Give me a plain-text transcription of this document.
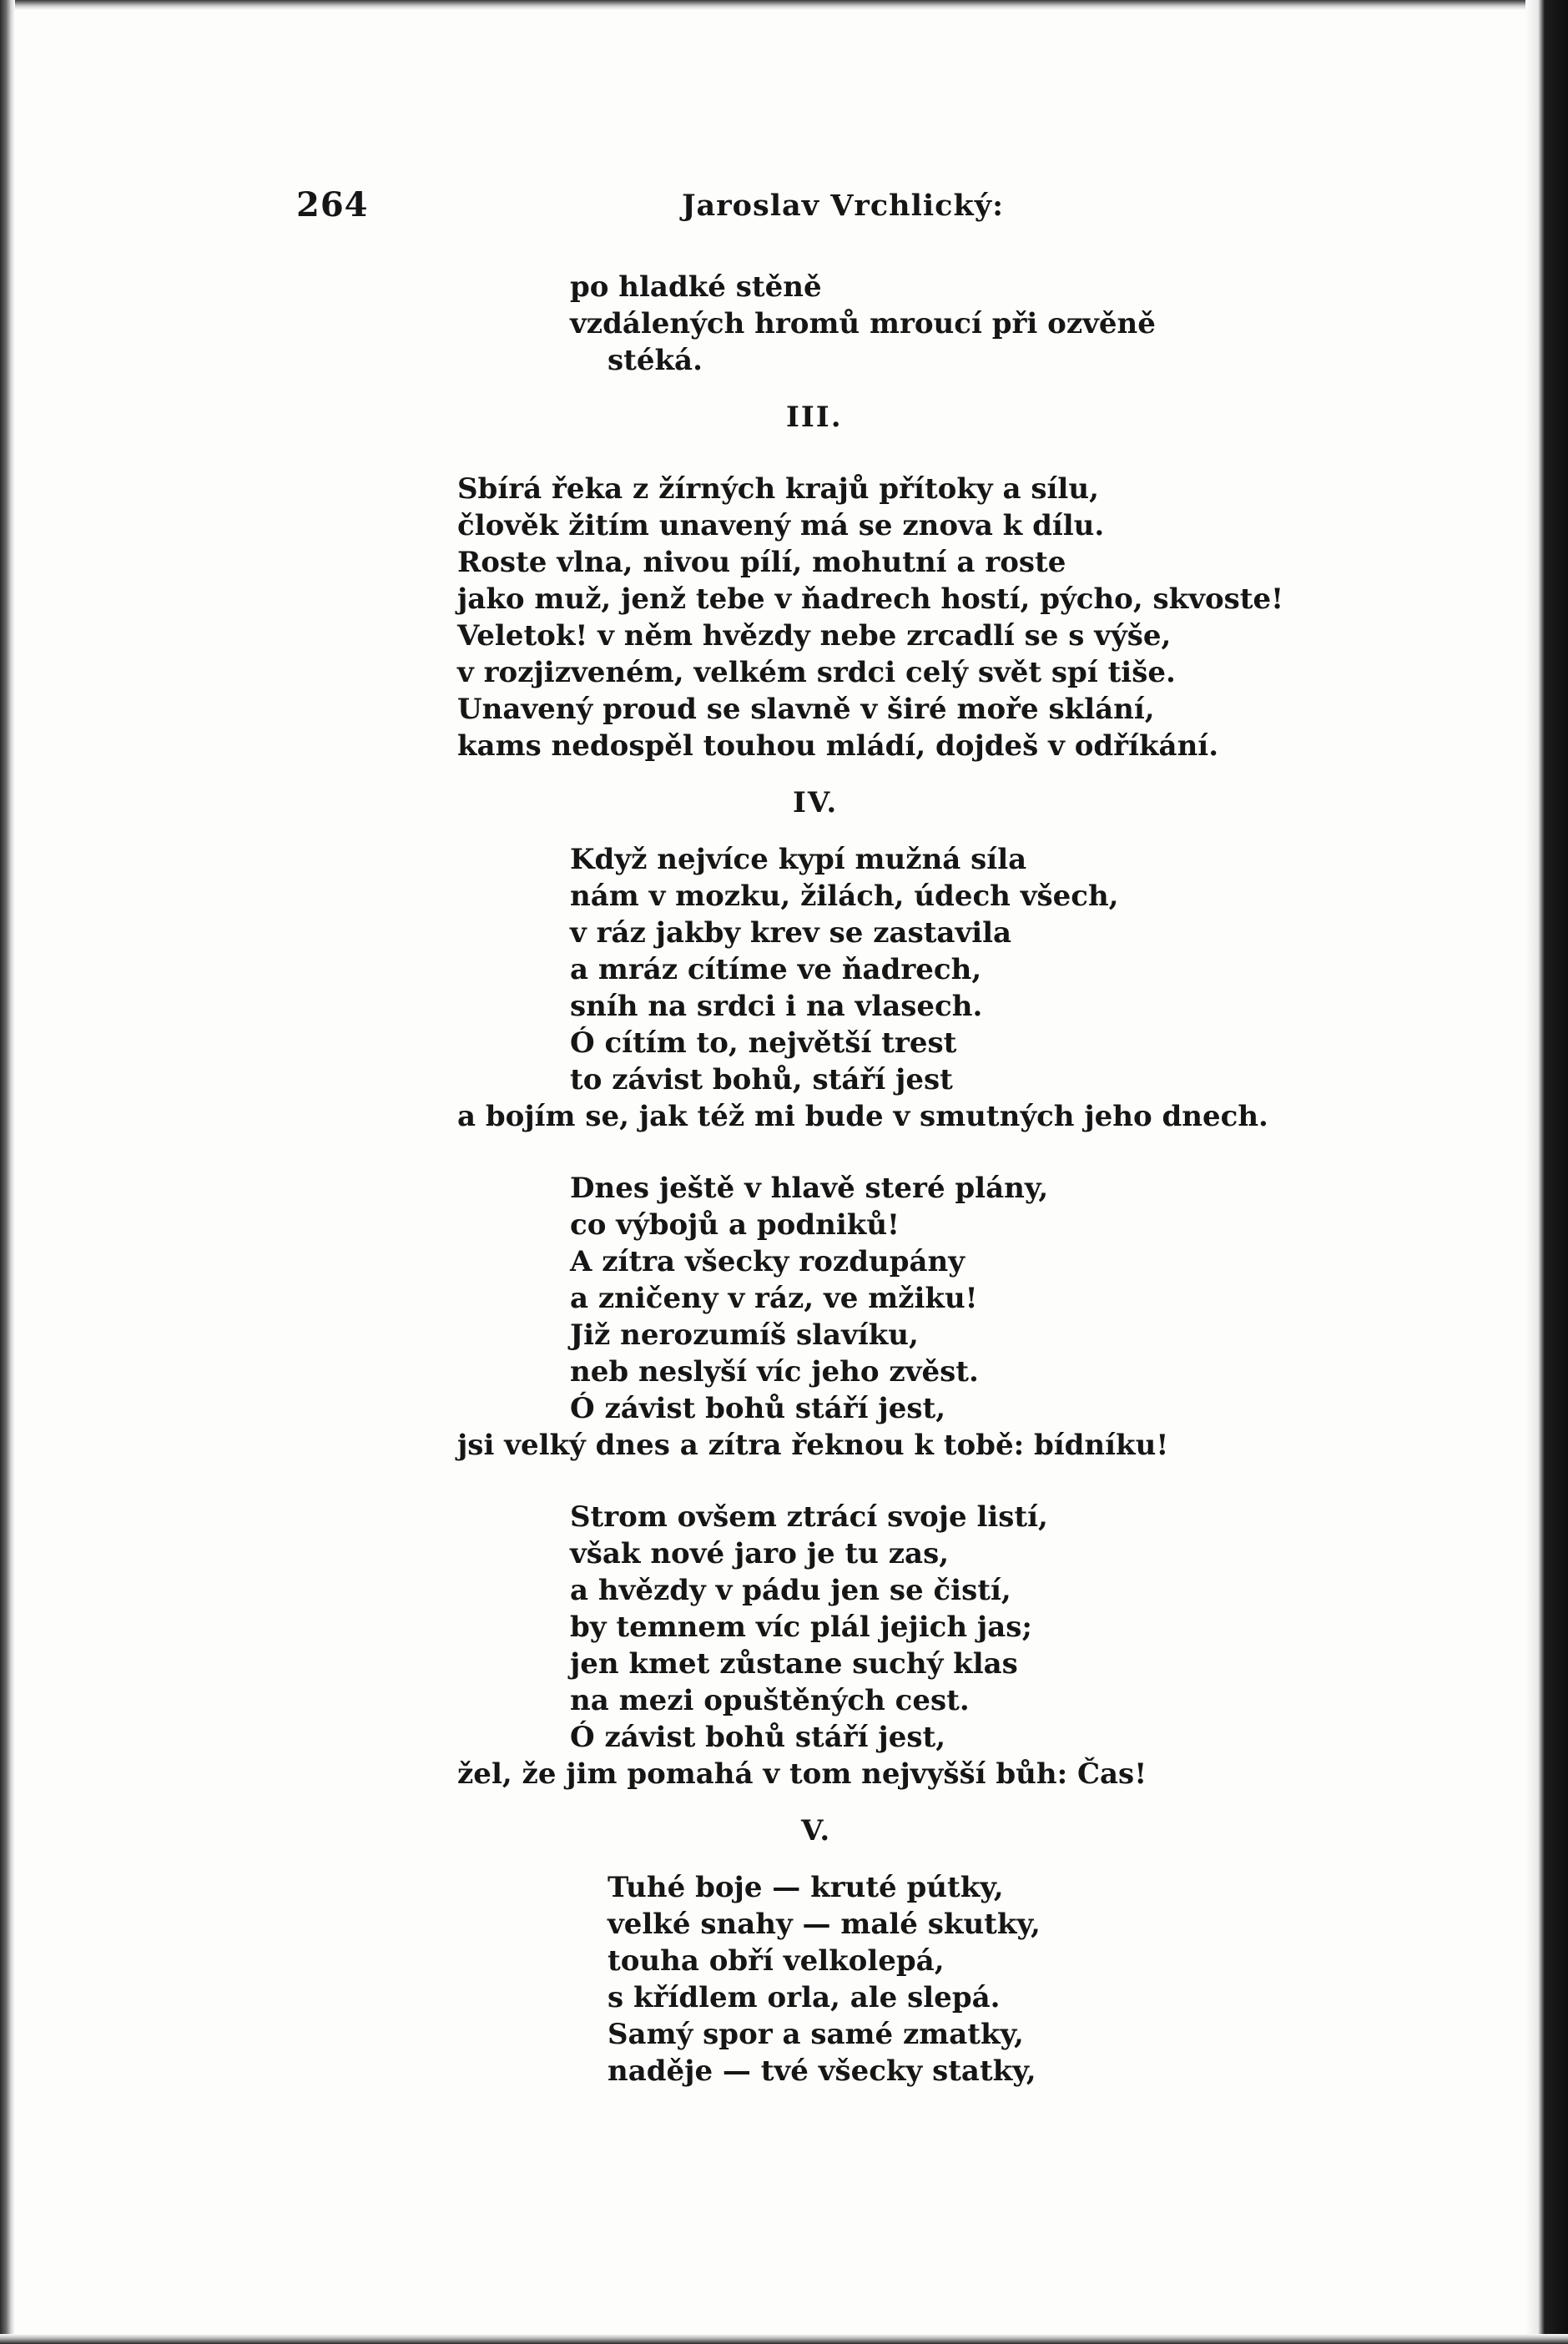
264	Jaroslav Vrchlický:
po hladké stěně
vzdálených hromů mroucí při ozvěně
stéká.
III.
Sbírá řeka z žírných krajů přítoky a sílu,
člověk žitím unavený má se znova k dílu.
Roste vlna, nivou pílí, mohutní a roste
jako muž, jenž tebe v ňadrech hostí, pýcho, skvoste!
Veletok! v něm hvězdy nebe zrcadlí se s výše,
v rozjizveném, velkém srdci celý svět spí tiše.
Unavený proud se slavně v širé moře sklání,
kams nedospěl touhou mládí, dojdeš v odříkání.
IV.
Když nejvíce kypí mužná síla
nám v mozku, žilách, údech všech,
v ráz jakby krev se zastavila
a mráz cítíme ve ňadrech,
sníh na srdci i na vlasech.
Ó cítím to, největší trest
to závist bohů, stáří jest
a bojím se, jak též mi bude v smutných jeho dnech.
Dnes ještě v hlavě steré plány,
co výbojů a podniků!
A zítra všecky rozdupány
a zničeny v ráz, ve mžiku!
Již nerozumíš slavíku,
neb neslyší víc jeho zvěst.
Ó závist bohů stáří jest,
jsi velký dnes a zítra řeknou k tobě: bídníku!
Strom ovšem ztrácí svoje listí,
však nové jaro je tu zas,
a hvězdy v pádu jen se čistí,
by temnem víc plál jejich jas;
jen kmet zůstane suchý klas
na mezi opuštěných cest.
Ó závist bohů stáří jest,
žel, že jim pomahá v tom nejvyšší bůh: Čas!
V.
Tuhé boje — kruté pútky,
velké snahy — malé skutky,
touha obří velkolepá,
s křídlem orla, ale slepá.
Samý spor a samé zmatky,
naděje — tvé všecky statky,
